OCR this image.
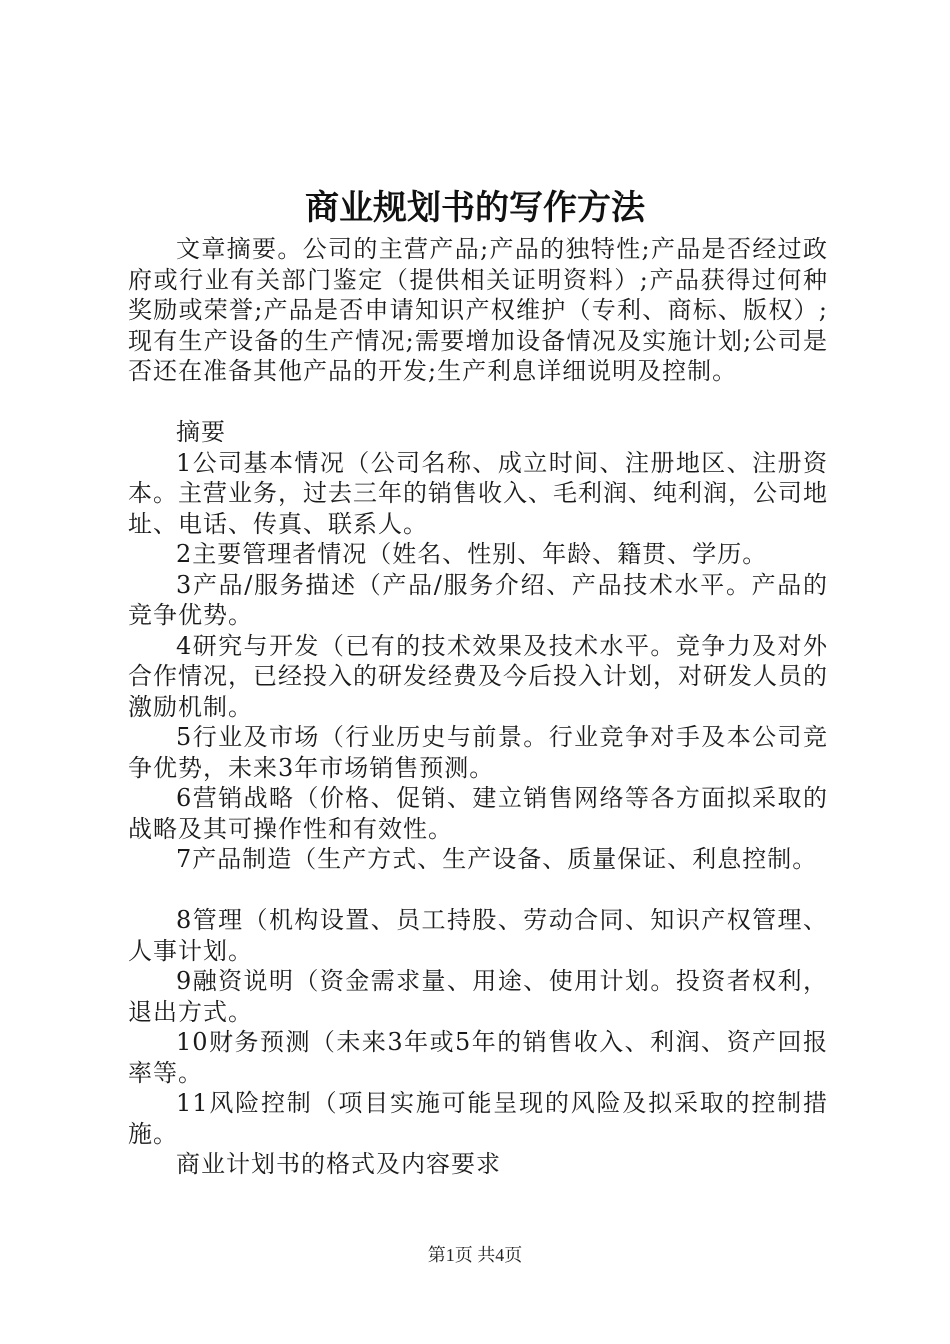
商业规划书的写作方法

文章摘要。公司的主营产品;产品的独特性;产品是否经过政府或行业有关部门鉴定（提供相关证明资料）;产品获得过何种奖励或荣誉;产品是否申请知识产权维护（专利、商标、版权）;现有生产设备的生产情况;需要增加设备情况及实施计划;公司是否还在准备其他产品的开发;生产利息详细说明及控制。

摘要

1公司基本情况（公司名称、成立时间、注册地区、注册资本。主营业务，过去三年的销售收入、毛利润、纯利润，公司地址、电话、传真、联系人。

2主要管理者情况（姓名、性别、年龄、籍贯、学历。

3产品/服务描述（产品/服务介绍、产品技术水平。产品的竞争优势。

4研究与开发（已有的技术效果及技术水平。竞争力及对外合作情况，已经投入的研发经费及今后投入计划，对研发人员的激励机制。

5行业及市场（行业历史与前景。行业竞争对手及本公司竞争优势，未来3年市场销售预测。

6营销战略（价格、促销、建立销售网络等各方面拟采取的战略及其可操作性和有效性。

7产品制造（生产方式、生产设备、质量保证、利息控制。

8管理（机构设置、员工持股、劳动合同、知识产权管理、人事计划。

9融资说明（资金需求量、用途、使用计划。投资者权利，退出方式。

10财务预测（未来3年或5年的销售收入、利润、资产回报率等。

11风险控制（项目实施可能呈现的风险及拟采取的控制措施。

商业计划书的格式及内容要求

第1页 共4页
